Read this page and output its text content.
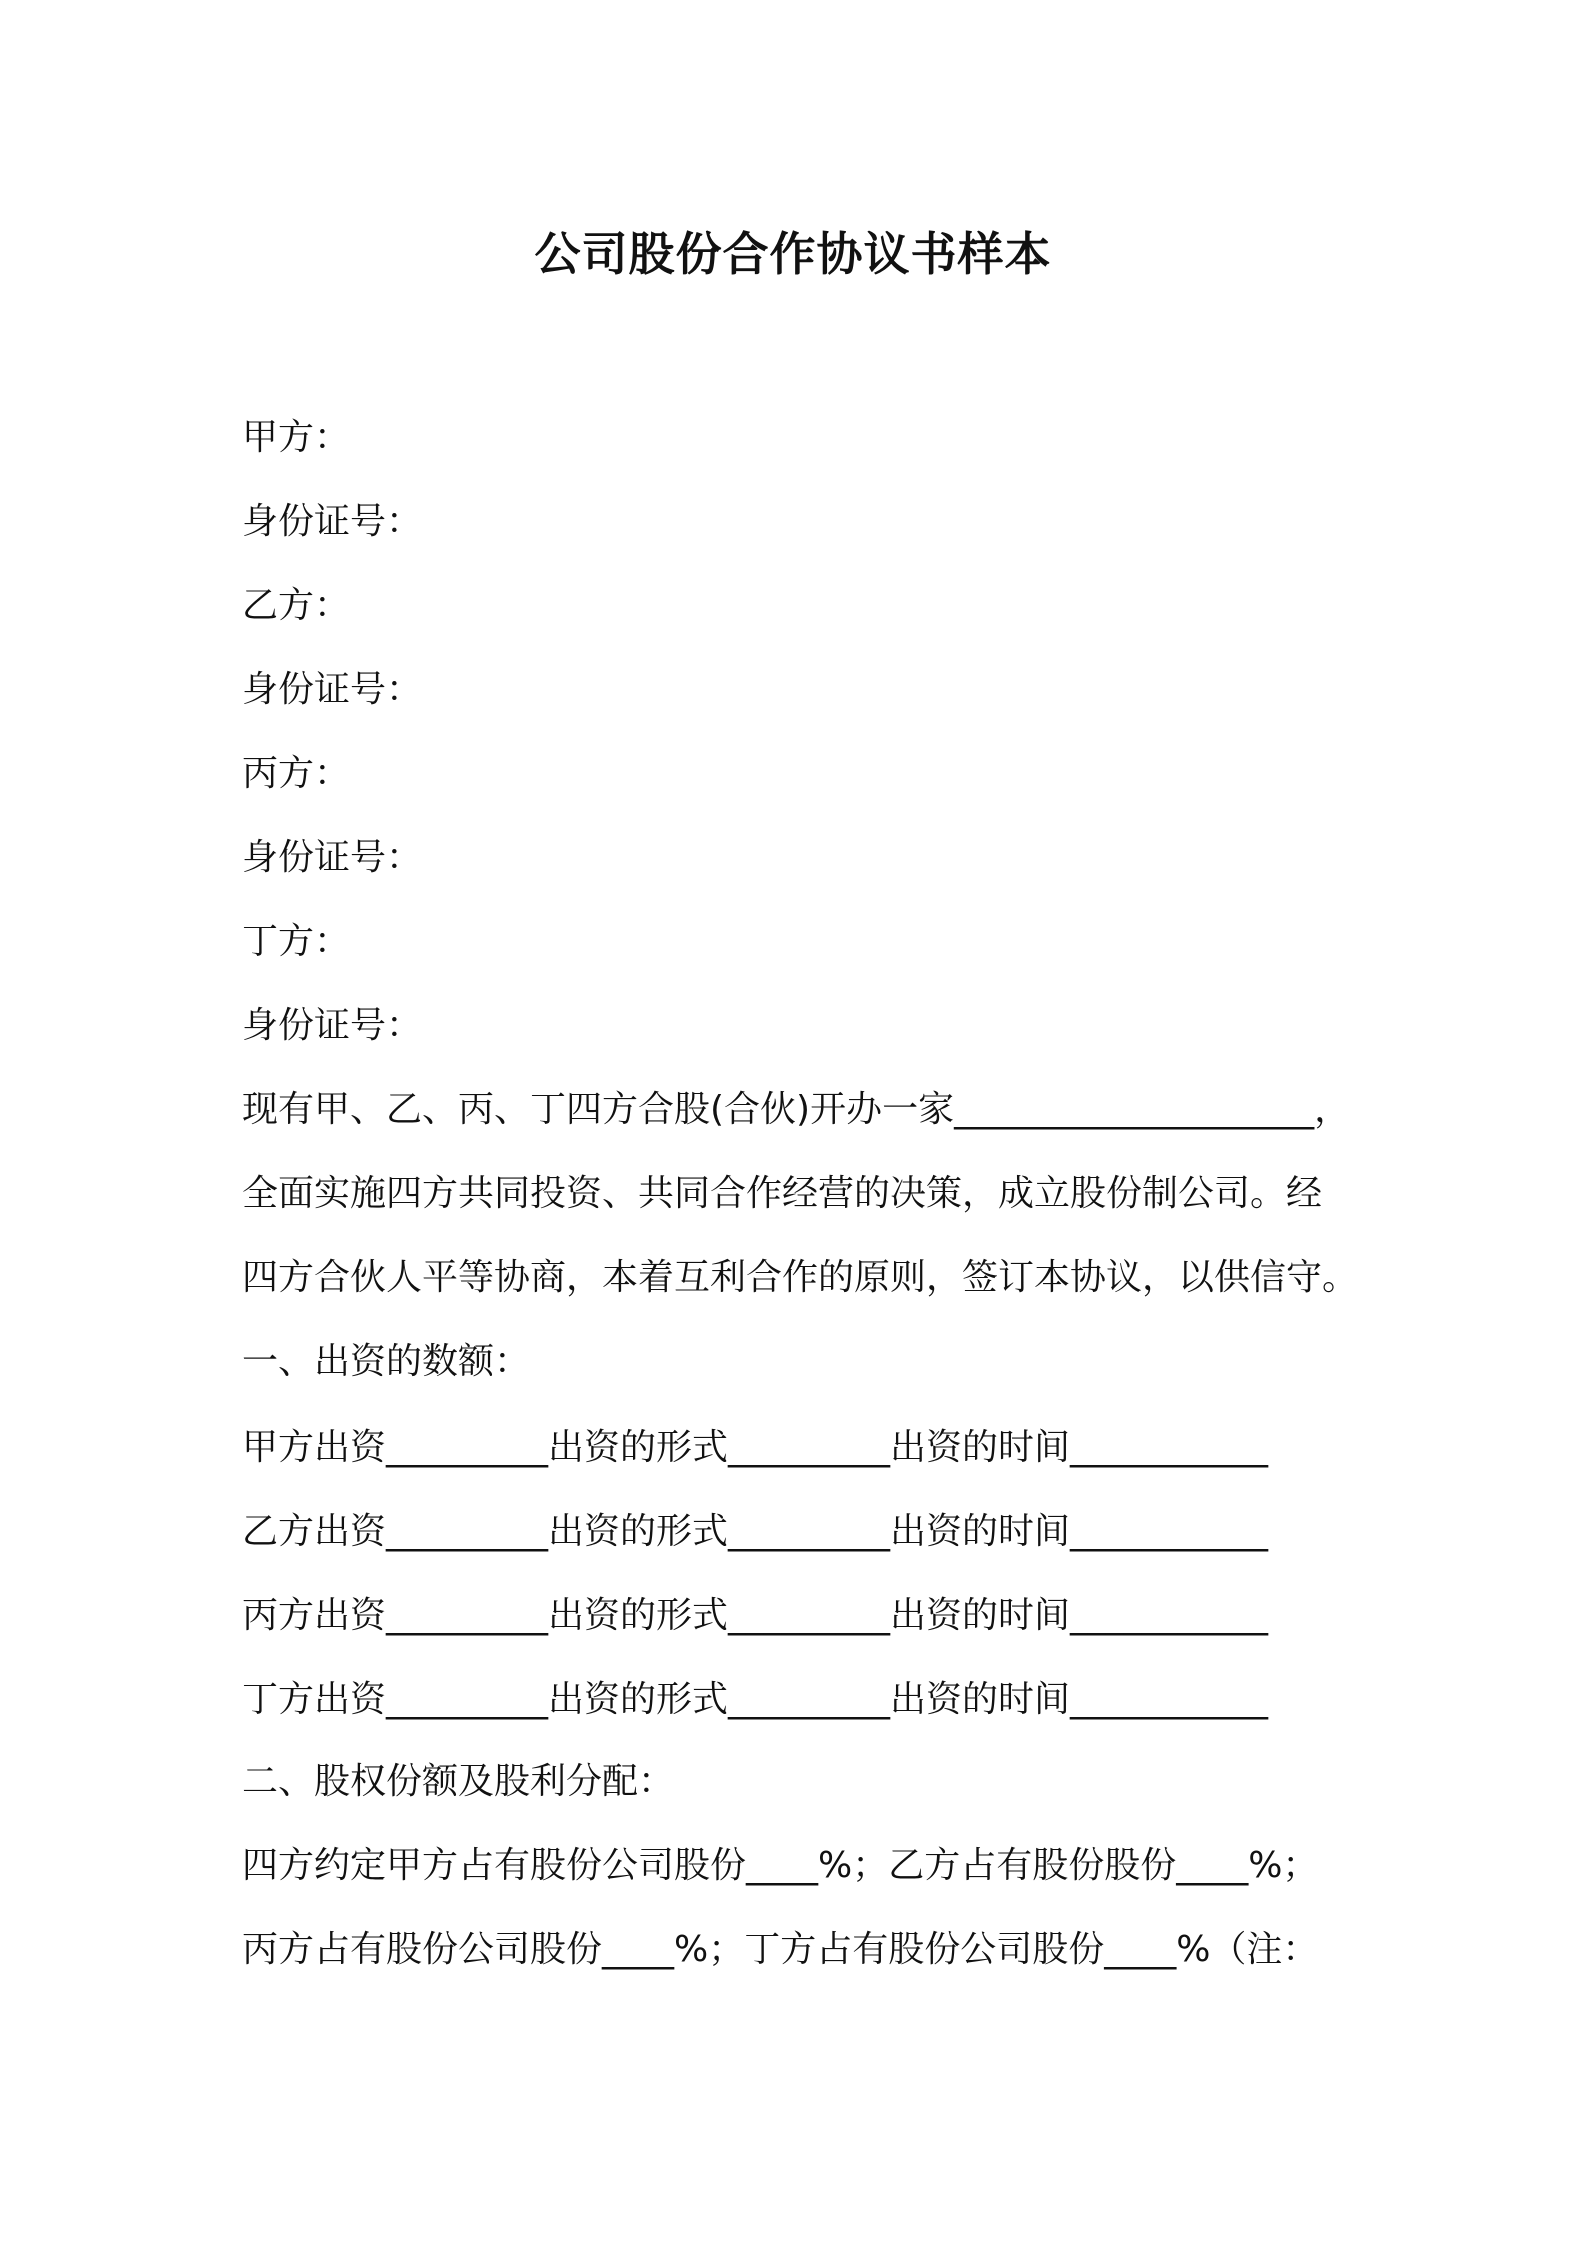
公司股份合作协议书样本
甲方：
身份证号：
乙方：
身份证号：
丙方：
身份证号：
丁方：
身份证号：
现有甲、乙、丙、丁四方合股(合伙)开办一家____________________，
全面实施四方共同投资、共同合作经营的决策，成立股份制公司。经
四方合伙人平等协商，本着互利合作的原则，签订本协议，以供信守。
一、出资的数额：
甲方出资_________出资的形式_________出资的时间___________
乙方出资_________出资的形式_________出资的时间___________
丙方出资_________出资的形式_________出资的时间___________
丁方出资_________出资的形式_________出资的时间___________
二、股权份额及股利分配：
四方约定甲方占有股份公司股份____%；乙方占有股份股份____%；
丙方占有股份公司股份____%；丁方占有股份公司股份____%（注：
